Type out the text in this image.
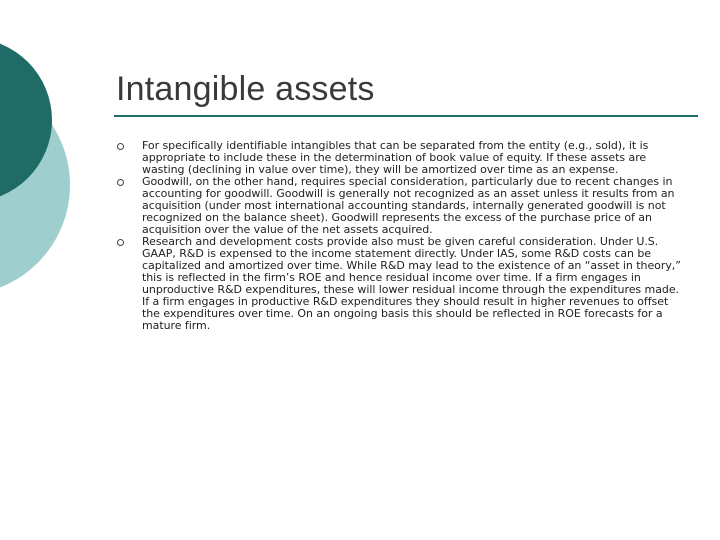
Intangible assets
For specifically identifiable intangibles that can be separated from the entity (e.g., sold), it is appropriate to include these in the determination of book value of equity. If these assets are wasting (declining in value over time), they will be amortized over time as an expense.
Goodwill, on the other hand, requires special consideration, particularly due to recent changes in accounting for goodwill. Goodwill is generally not recognized as an asset unless it results from an acquisition (under most international accounting standards, internally generated goodwill is not recognized on the balance sheet). Goodwill represents the excess of the purchase price of an acquisition over the value of the net assets acquired.
Research and development costs provide also must be given careful consideration. Under U.S. GAAP, R&D is expensed to the income statement directly. Under IAS, some R&D costs can be capitalized and amortized over time. While R&D may lead to the existence of an “asset in theory,” this is reflected in the firm’s ROE and hence residual income over time. If a firm engages in unproductive R&D expenditures, these will lower residual income through the expenditures made. If a firm engages in productive R&D expenditures they should result in higher revenues to offset the expenditures over time. On an ongoing basis this should be reflected in ROE forecasts for a mature firm.
